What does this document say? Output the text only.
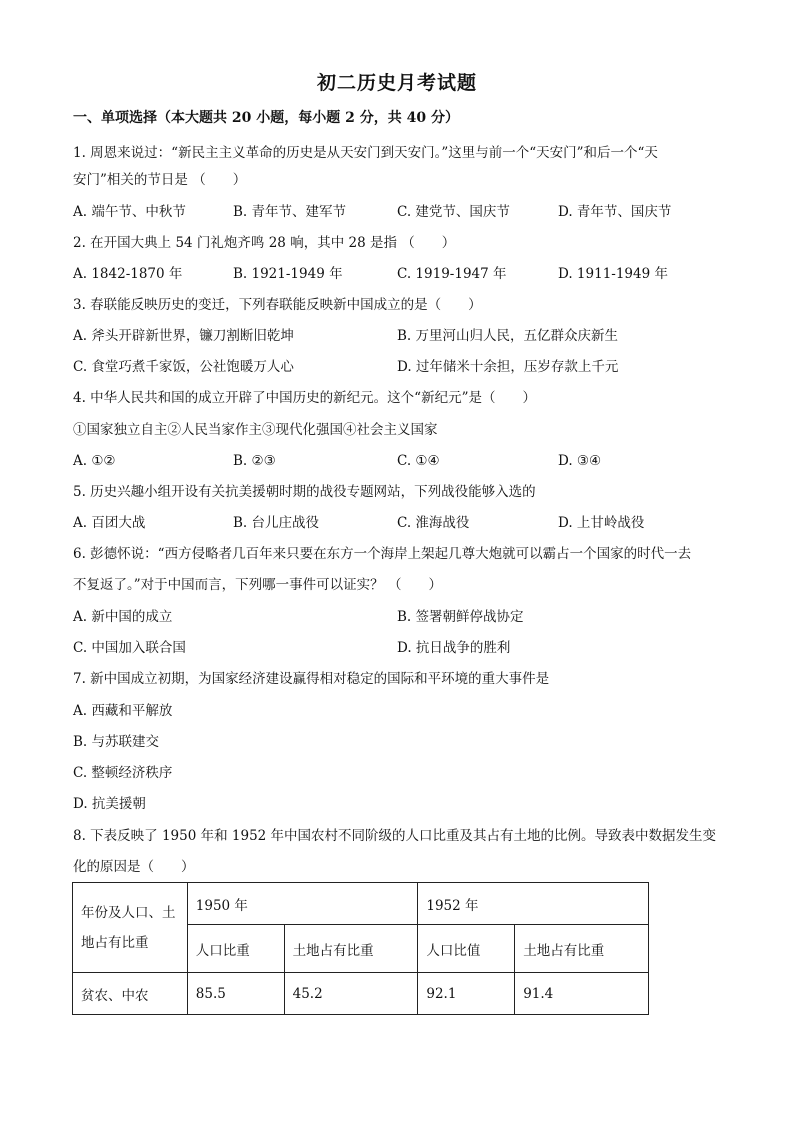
初二历史月考试题
一、单项选择（本大题共 20 小题，每小题 2 分，共 40 分）
1. 周恩来说过：“新民主主义革命的历史是从天安门到天安门。”这里与前一个“天安门”和后一个“天
安门”相关的节日是 （　　）
A. 端午节、中秋节	B. 青年节、建军节	C. 建党节、国庆节	D. 青年节、国庆节
2. 在开国大典上 54 门礼炮齐鸣 28 响，其中 28 是指 （　　）
A. 1842-1870 年	B. 1921-1949 年	C. 1919-1947 年	D. 1911-1949 年
3. 春联能反映历史的变迁，下列春联能反映新中国成立的是（　　）
A. 斧头开辟新世界，镰刀割断旧乾坤	B. 万里河山归人民，五亿群众庆新生
C. 食堂巧煮千家饭，公社饱暖万人心	D. 过年储米十余担，压岁存款上千元
4. 中华人民共和国的成立开辟了中国历史的新纪元。这个“新纪元”是（　　）
①国家独立自主②人民当家作主③现代化强国④社会主义国家
A. ①②	B. ②③	C. ①④	D. ③④
5. 历史兴趣小组开设有关抗美援朝时期的战役专题网站，下列战役能够入选的
A. 百团大战	B. 台儿庄战役	C. 淮海战役	D. 上甘岭战役
6. 彭德怀说：“西方侵略者几百年来只要在东方一个海岸上架起几尊大炮就可以霸占一个国家的时代一去
不复返了。”对于中国而言，下列哪一事件可以证实？ （　　）
A. 新中国的成立	B. 签署朝鲜停战协定
C. 中国加入联合国	D. 抗日战争的胜利
7. 新中国成立初期，为国家经济建设赢得相对稳定的国际和平环境的重大事件是
A. 西藏和平解放
B. 与苏联建交
C. 整顿经济秩序
D. 抗美援朝
8. 下表反映了 1950 年和 1952 年中国农村不同阶级的人口比重及其占有土地的比例。导致表中数据发生变
化的原因是（　　）
年份及人口、土地占有比重	1950 年		1952 年	
	人口比重	土地占有比重	人口比值	土地占有比重
贫农、中农	85.5	45.2	92.1	91.4
